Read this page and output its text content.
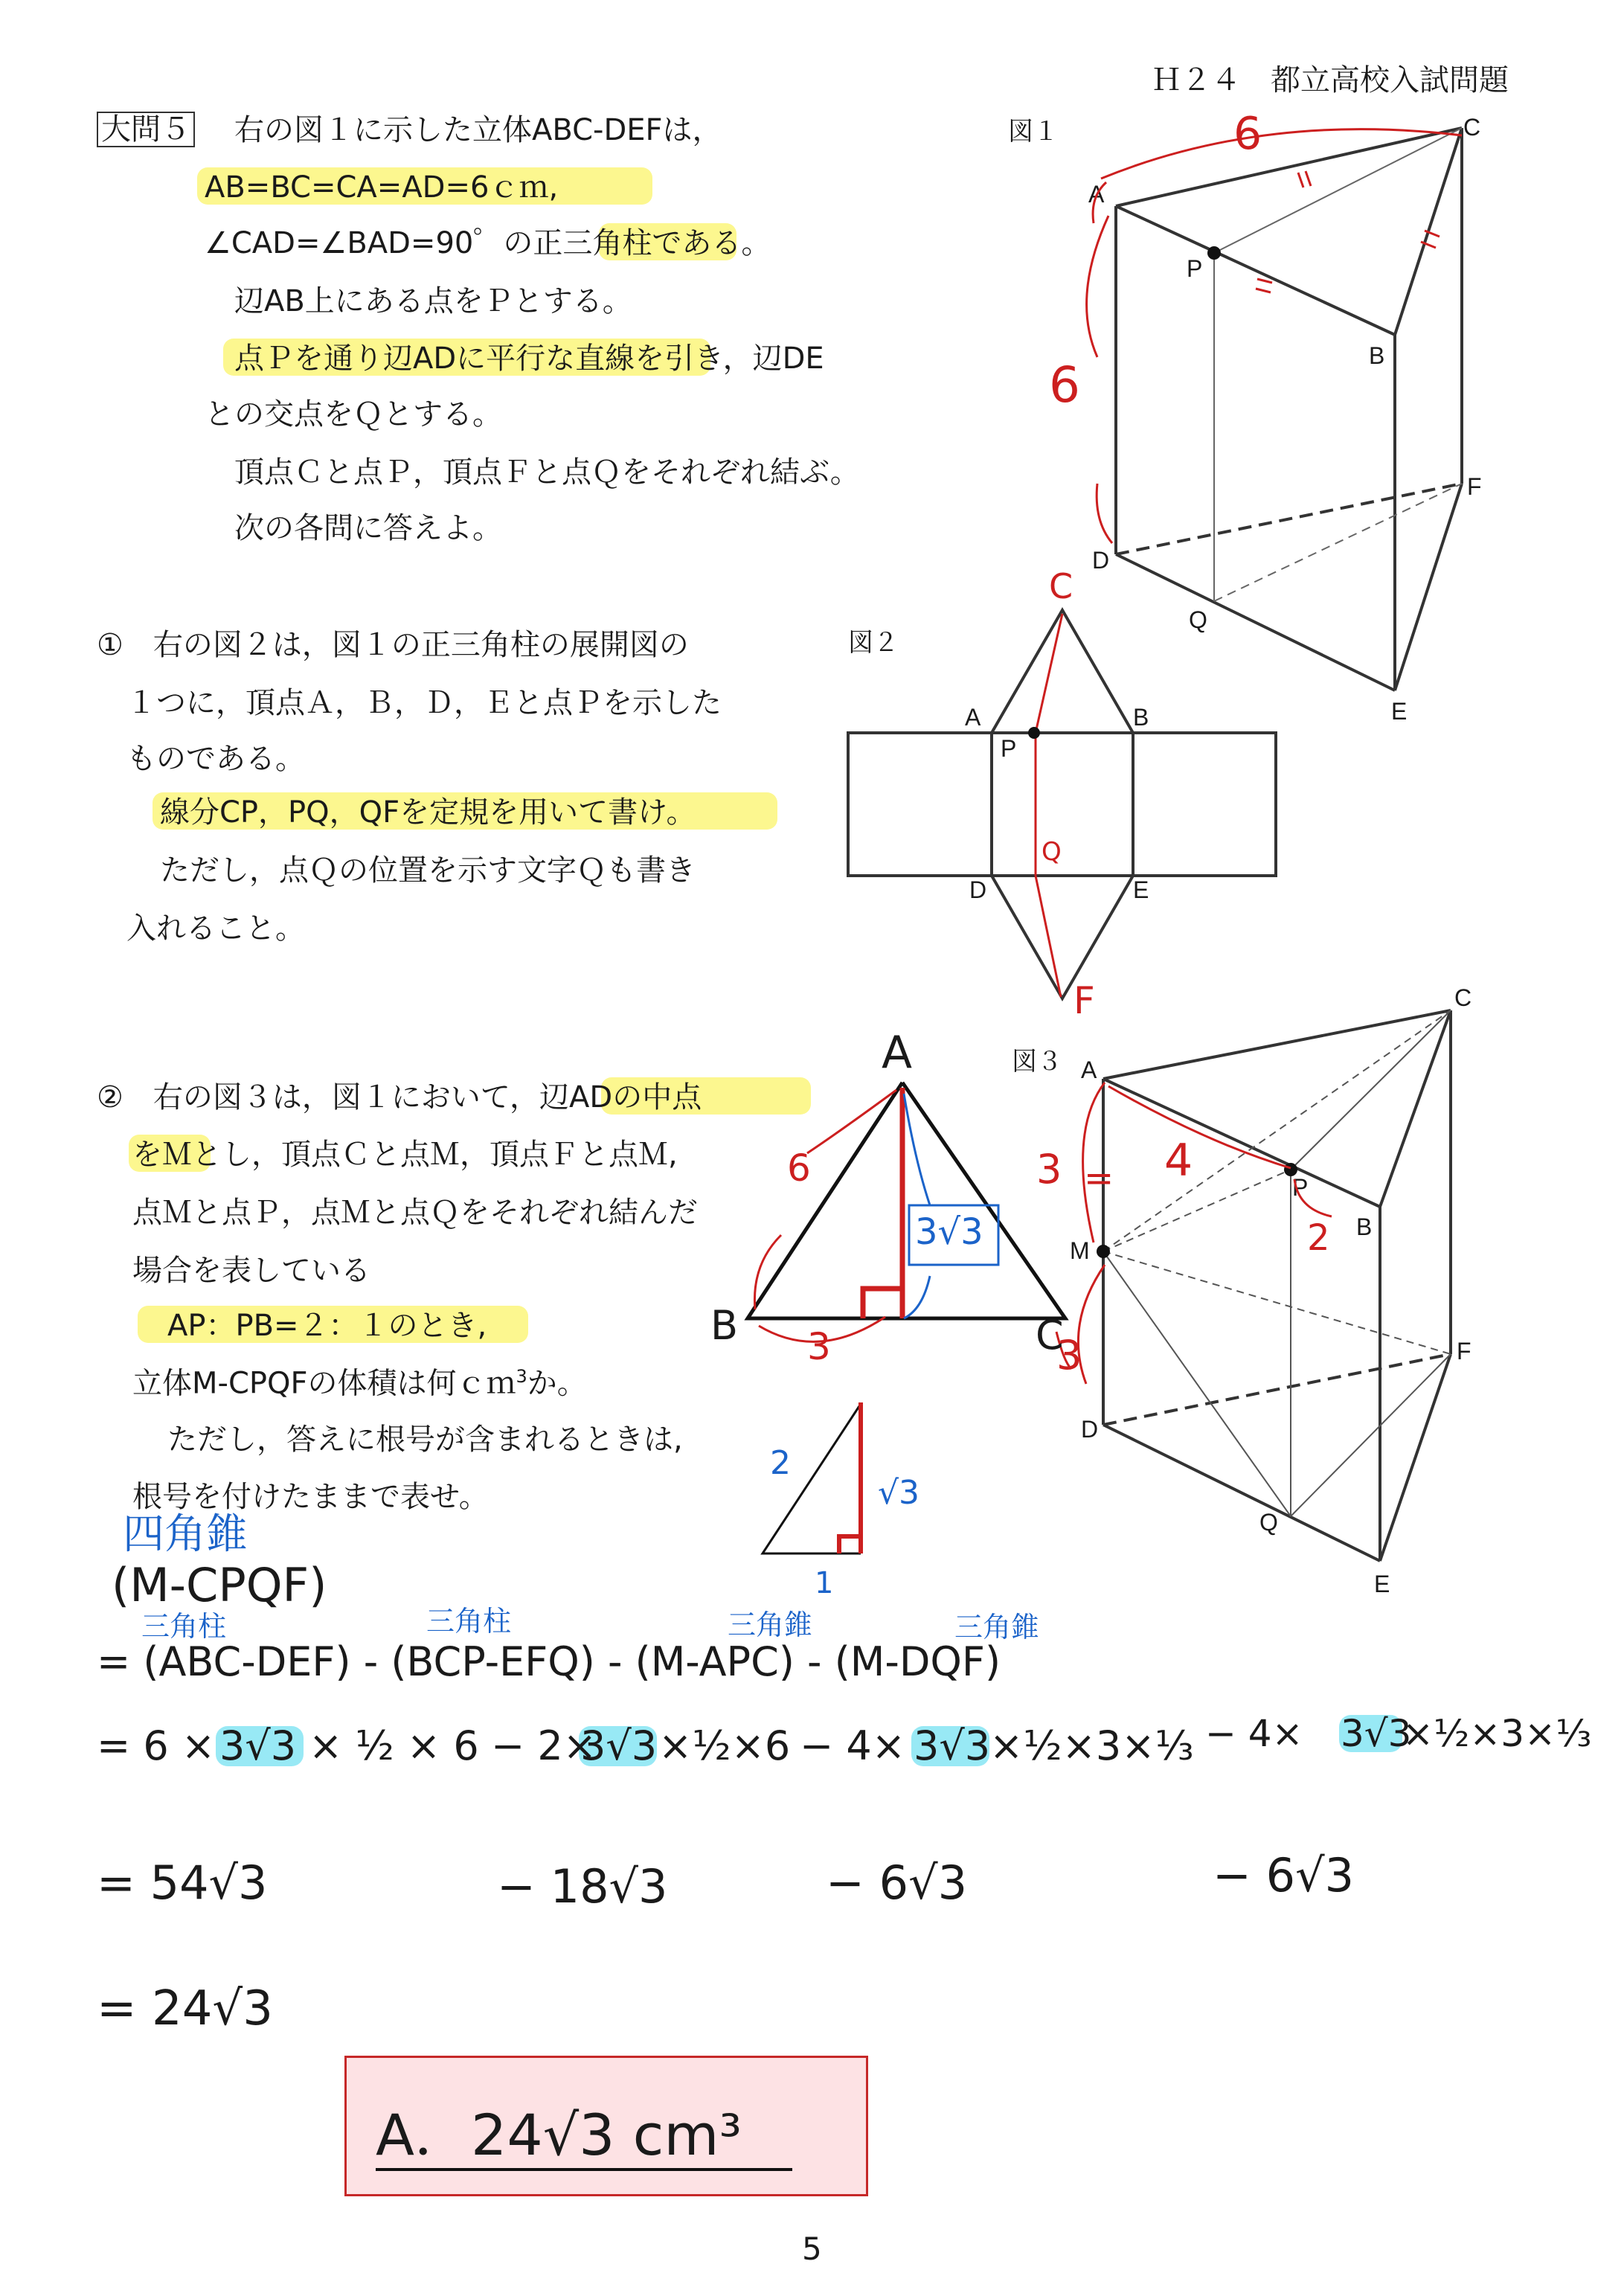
Ｈ２４　都立高校入試問題
大問５ 右の図１に示した立体ABC-DEFは，
AB=BC=CA=AD=6ｃｍ,
∠CAD=∠BAD=90゜の正三角柱である。
辺AB上にある点をＰとする。
点Ｐを通り辺ADに平行な直線を引き，辺DE
との交点をＱとする。
頂点Ｃと点Ｐ，頂点Ｆと点Ｑをそれぞれ結ぶ。
次の各問に答えよ。
①　右の図２は，図１の正三角柱の展開図の
１つに，頂点Ａ，Ｂ，Ｄ，Ｅと点Ｐを示した
ものである。
線分CP，PQ，QFを定規を用いて書け。
ただし，点Ｑの位置を示す文字Ｑも書き
入れること。
②　右の図３は，図１において，辺ADの中点
をＭとし，頂点Ｃと点Ｍ，頂点Ｆと点Ｍ,
点Ｍと点Ｐ，点Ｍと点Ｑをそれぞれ結んだ
場合を表している
AP：PB=２：１のとき,
立体M-CPQFの体積は何ｃｍ$^3$か。
ただし，答えに根号が含まれるときは,
根号を付けたままで表せ。
図１
図２
図３
A
B
C
D
E
F
P
Q
A	B
D	E
P
A
B
C
D
E
F
P
Q
M
6
6
C
Q
F
3 = 4
2
3
A
B	C
6
3
3√3
2
√3
1
四角錐
(M-CPQF)
三角柱	三角柱	三角錐	三角錐
= (ABC-DEF) - (BCP-EFQ) - (M-APC) - (M-DQF)
= 6 × 3√3 × ½ × 6 − 2×
3√3 ×½×6 − 4× 3√3
×½×3×⅓ − 4× 3√3
×½×3×⅓
= 54√3	− 18√3	− 6√3	− 6√3
= 24√3
A．24√3 cm³
5
